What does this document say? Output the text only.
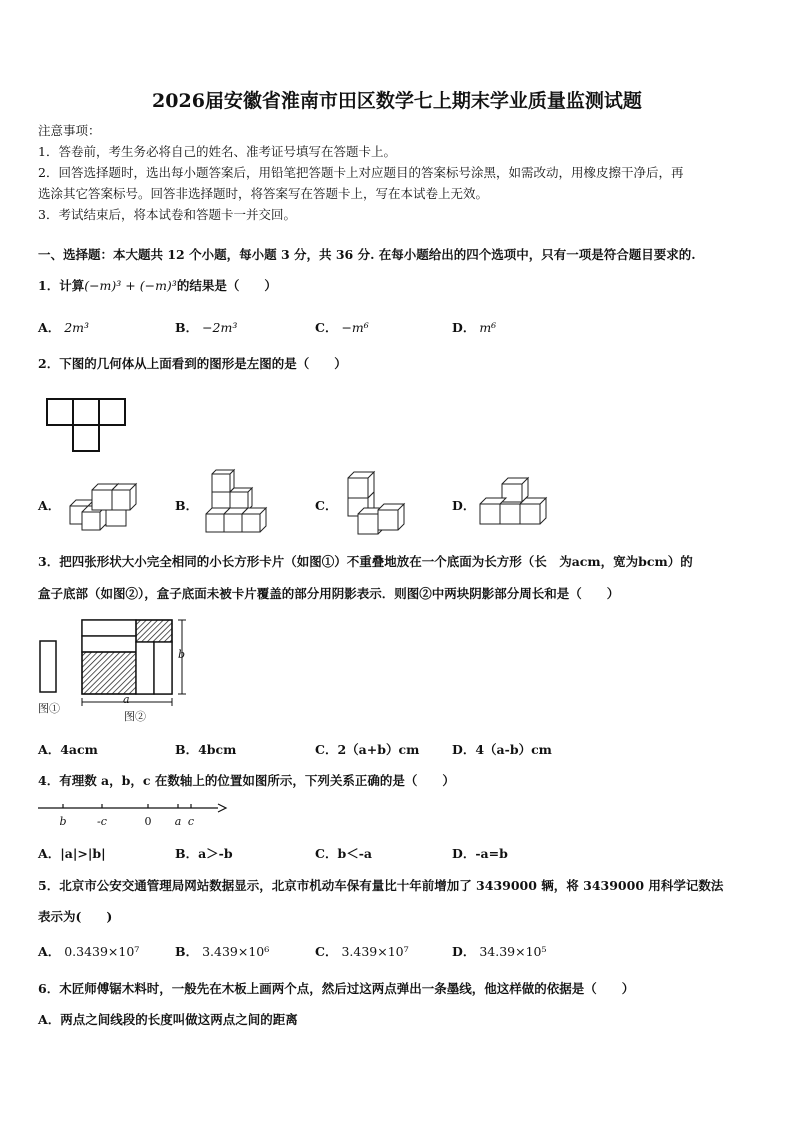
2026届安徽省淮南市田区数学七上期末学业质量监测试题
注意事项：
1．答卷前，考生务必将自己的姓名、准考证号填写在答题卡上。
2．回答选择题时，选出每小题答案后，用铅笔把答题卡上对应题目的答案标号涂黑，如需改动，用橡皮擦干净后，再
选涂其它答案标号。回答非选择题时，将答案写在答题卡上，写在本试卷上无效。
3．考试结束后，将本试卷和答题卡一并交回。
一、选择题：本大题共 12 个小题，每小题 3 分，共 36 分. 在每小题给出的四个选项中，只有一项是符合题目要求的.
1．计算(−m)³ + (−m)³的结果是（　　）
A． 2m³	B． −2m³	C． −m⁶	D． m⁶
2．下图的几何体从上面看到的图形是左图的是（　　）
A．	B．	C．	D．
3．把四张形状大小完全相同的小长方形卡片（如图①）不重叠地放在一个底面为长方形（长　为acm，宽为bcm）的
盒子底部（如图②），盒子底面未被卡片覆盖的部分用阴影表示．则图②中两块阴影部分周长和是（　　）
图①
b
a
图②
A．4acm	B．4bcm	C．2（a+b）cm	D．4（a-b）cm
4．有理数 a，b，c 在数轴上的位置如图所示，下列关系正确的是（　　）
b	-c	0 a c
A．|a|>|b|	B．a＞-b	C．b＜-a	D．-a=b
5．北京市公安交通管理局网站数据显示，北京市机动车保有量比十年前增加了 3439000 辆，将 3439000 用科学记数法
表示为(　　)
A． 0.3439×10⁷	B． 3.439×10⁶	C． 3.439×10⁷	D． 34.39×10⁵
6．木匠师傅锯木料时，一般先在木板上画两个点，然后过这两点弹出一条墨线，他这样做的依据是（　　）
A．两点之间线段的长度叫做这两点之间的距离
